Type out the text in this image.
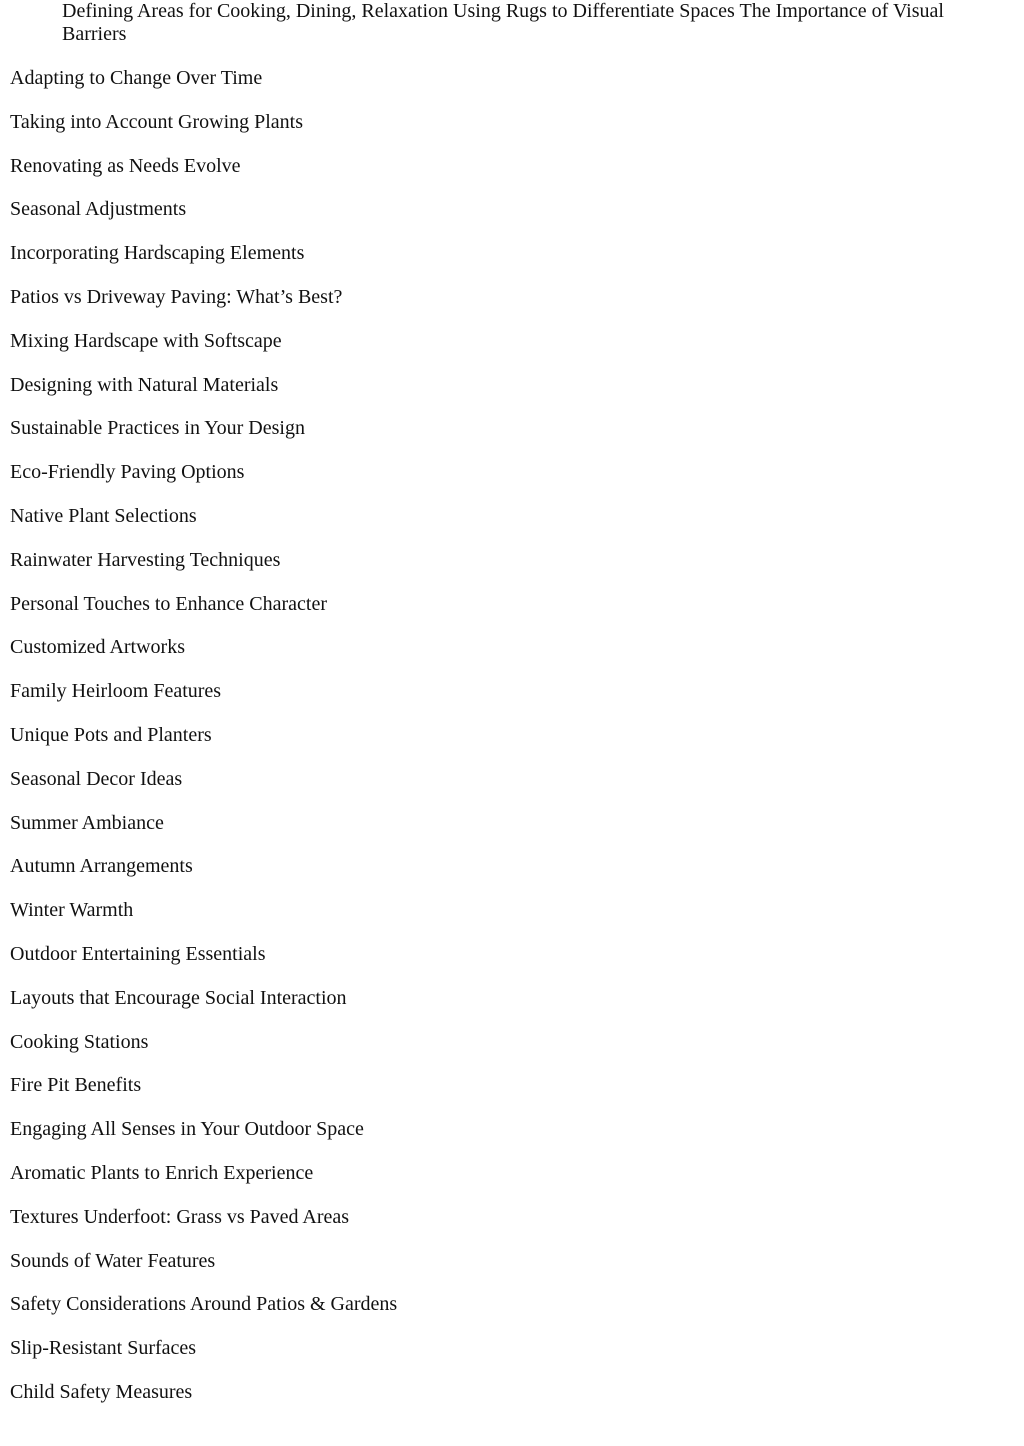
Defining Areas for Cooking, Dining, Relaxation Using Rugs to Differentiate Spaces The Importance of Visual Barriers

Adapting to Change Over Time
Taking into Account Growing Plants
Renovating as Needs Evolve
Seasonal Adjustments
Incorporating Hardscaping Elements
Patios vs Driveway Paving: What’s Best?
Mixing Hardscape with Softscape
Designing with Natural Materials
Sustainable Practices in Your Design
Eco-Friendly Paving Options
Native Plant Selections
Rainwater Harvesting Techniques
Personal Touches to Enhance Character
Customized Artworks
Family Heirloom Features
Unique Pots and Planters
Seasonal Decor Ideas
Summer Ambiance
Autumn Arrangements
Winter Warmth
Outdoor Entertaining Essentials
Layouts that Encourage Social Interaction
Cooking Stations
Fire Pit Benefits
Engaging All Senses in Your Outdoor Space
Aromatic Plants to Enrich Experience
Textures Underfoot: Grass vs Paved Areas
Sounds of Water Features
Safety Considerations Around Patios & Gardens
Slip-Resistant Surfaces
Child Safety Measures
